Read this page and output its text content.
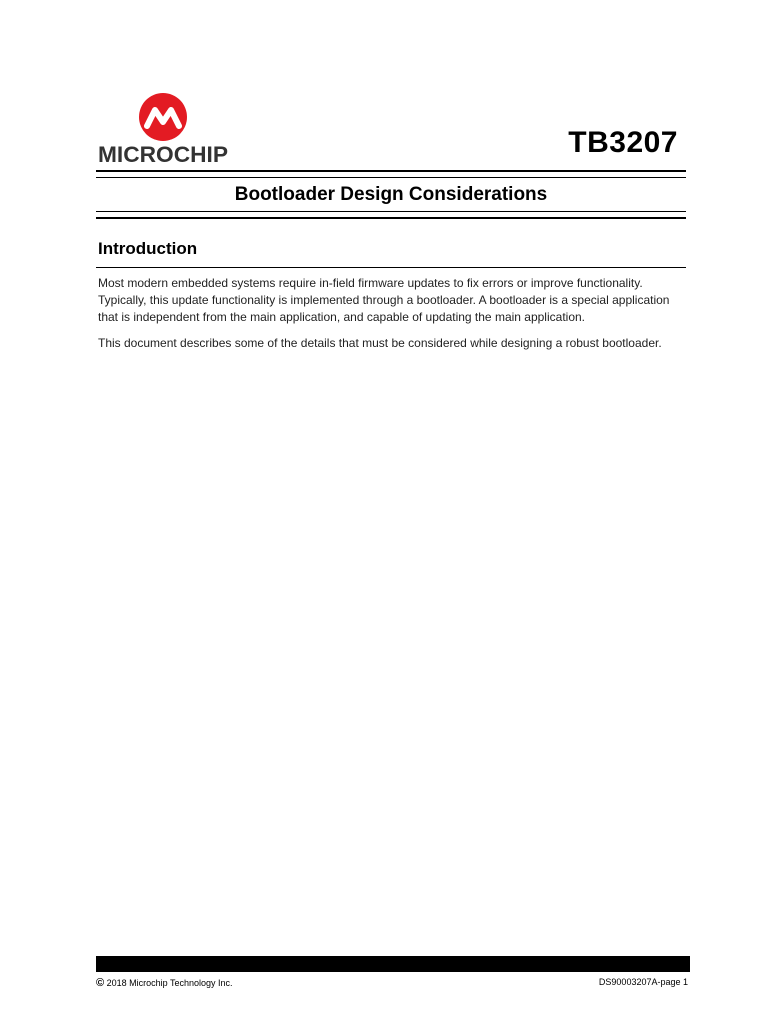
MICROCHIP	TB3207
Bootloader Design Considerations
Introduction

Most modern embedded systems require in-field firmware updates to fix errors or improve functionality. Typically, this update functionality is implemented through a bootloader. A bootloader is a special application that is independent from the main application, and capable of updating the main application.

This document describes some of the details that must be considered while designing a robust bootloader.

© 2018 Microchip Technology Inc.	DS90003207A-page 1
